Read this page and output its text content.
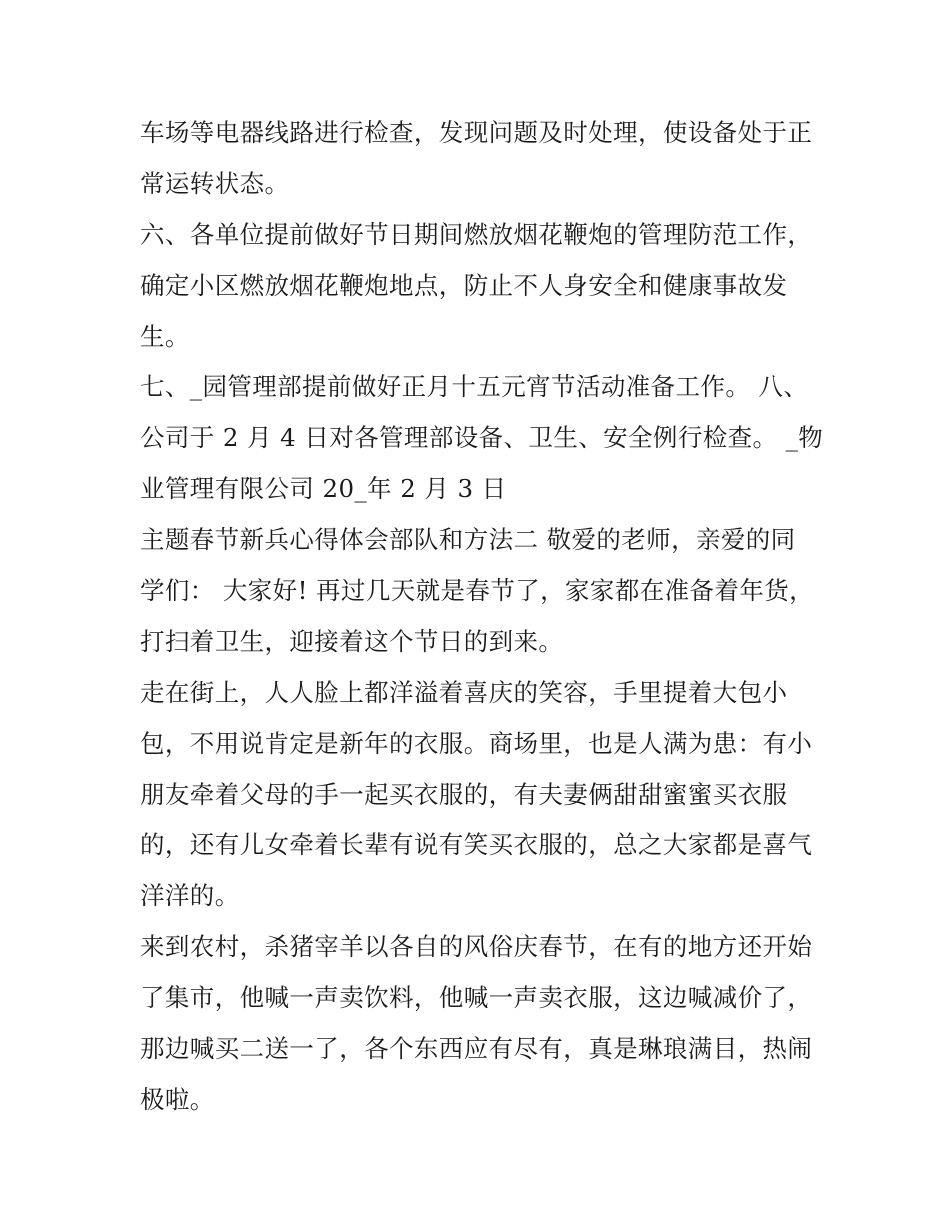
车场等电器线路进行检查，发现问题及时处理，使设备处于正
常运转状态。
六、各单位提前做好节日期间燃放烟花鞭炮的管理防范工作，
确定小区燃放烟花鞭炮地点，防止不人身安全和健康事故发
生。
七、_园管理部提前做好正月十五元宵节活动准备工作。 八、
公司于 2 月 4 日对各管理部设备、卫生、安全例行检查。 _物
业管理有限公司 20_年 2 月 3 日
主题春节新兵心得体会部队和方法二 敬爱的老师，亲爱的同
学们： 大家好! 再过几天就是春节了，家家都在准备着年货，
打扫着卫生，迎接着这个节日的到来。
走在街上，人人脸上都洋溢着喜庆的笑容，手里提着大包小
包，不用说肯定是新年的衣服。商场里，也是人满为患：有小
朋友牵着父母的手一起买衣服的，有夫妻俩甜甜蜜蜜买衣服
的，还有儿女牵着长辈有说有笑买衣服的，总之大家都是喜气
洋洋的。
来到农村，杀猪宰羊以各自的风俗庆春节，在有的地方还开始
了集市，他喊一声卖饮料，他喊一声卖衣服，这边喊减价了，
那边喊买二送一了，各个东西应有尽有，真是琳琅满目，热闹
极啦。
